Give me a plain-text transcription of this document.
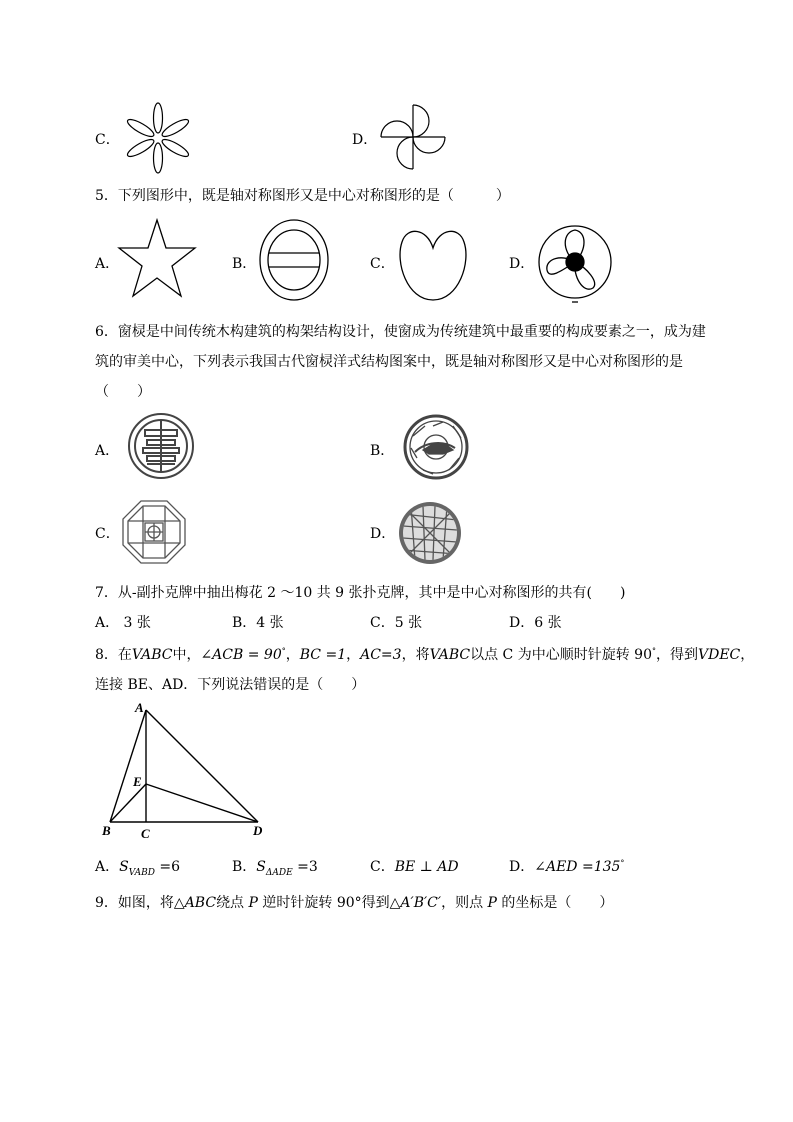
C．	D．
5．下列图形中，既是轴对称图形又是中心对称图形的是（　　　）
A．	B．	C．	D．
6．窗棂是中间传统木构建筑的构架结构设计，使窗成为传统建筑中最重要的构成要素之一，成为建
筑的审美中心，下列表示我国古代窗棂洋式结构图案中，既是轴对称图形又是中心对称图形的是
（　　）
A．	B．
C．	D．
7．从-副扑克牌中抽出梅花 2 ～10 共 9 张扑克牌，其中是中心对称图形的共有(　　)
A． 3 张	B．4 张	C．5 张	D．6 张
8．在VABC中，∠ACB = 90°，BC =1，AC=3，将VABC以点 C 为中心顺时针旋转 90°，得到VDEC，
连接 BE、AD．下列说法错误的是（　　）
A
B C	D
E
A．$S_{VABD} =6$	B．$S_{\Delta ADE} =3$	C．BE ⊥ AD	D．∠AED =135°
9．如图，将△ABC绕点 P 逆时针旋转 90°得到△A′B′C′，则点 P 的坐标是（　　）
